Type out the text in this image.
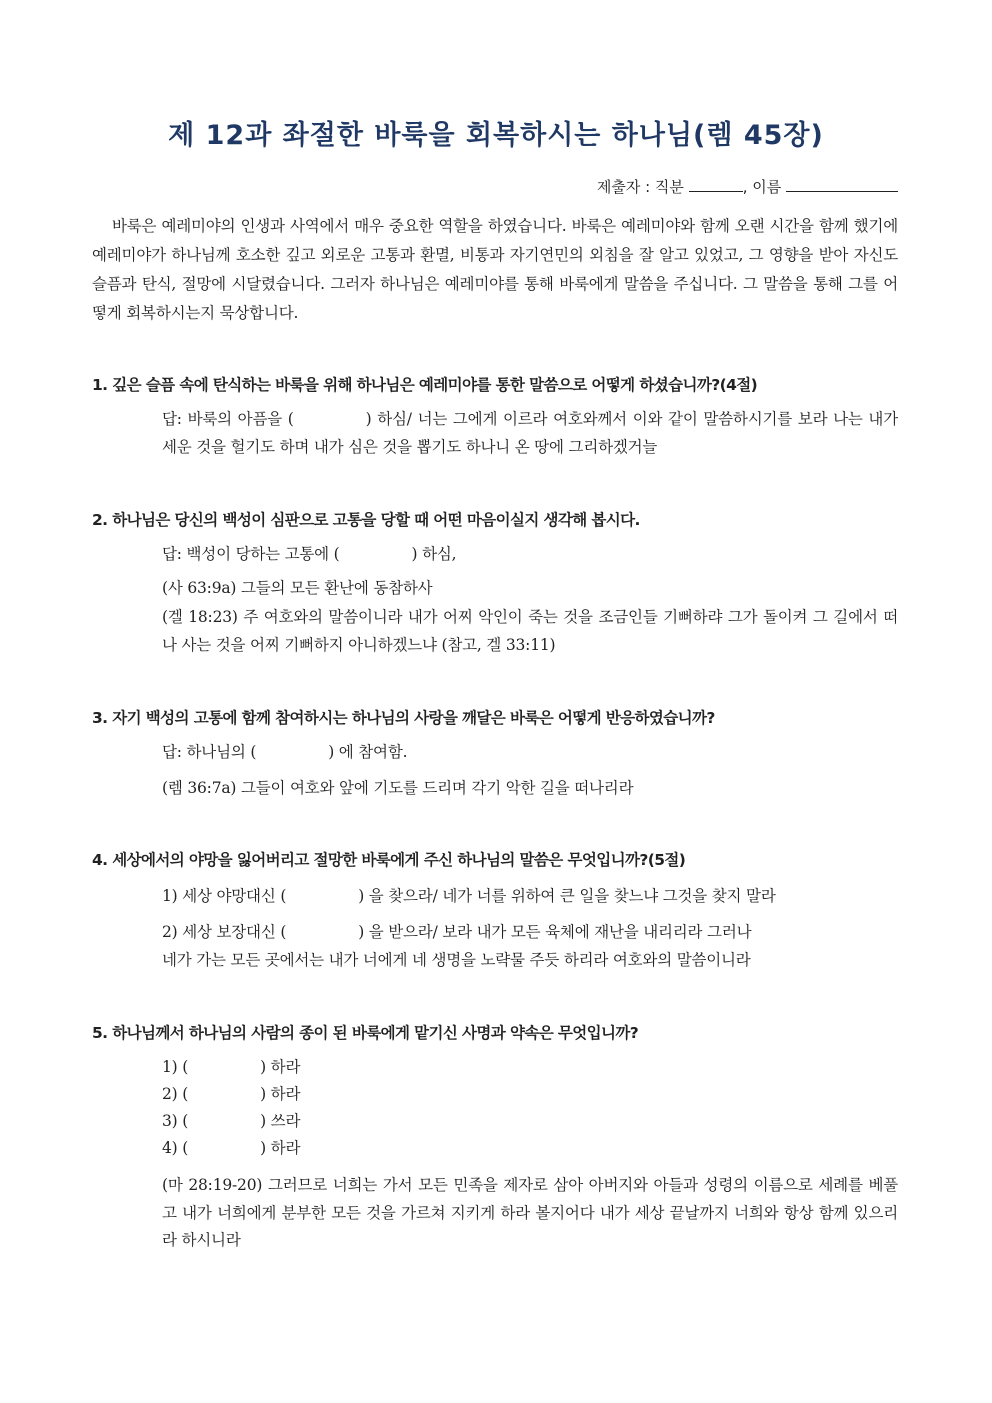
제 12과 좌절한 바룩을 회복하시는 하나님(렘 45장)
제출자 : 직분	, 이름
바룩은 예레미야의 인생과 사역에서 매우 중요한 역할을 하였습니다. 바룩은 예레미야와 함께 오랜 시간을 함께 했기에 예레미야가 하나님께 호소한 깊고 외로운 고통과 환멸, 비통과 자기연민의 외침을 잘 알고 있었고, 그 영향을 받아 자신도 슬픔과 탄식, 절망에 시달렸습니다. 그러자 하나님은 예레미야를 통해 바룩에게 말씀을 주십니다. 그 말씀을 통해 그를 어떻게 회복하시는지 묵상합니다.
1. 깊은 슬픔 속에 탄식하는 바룩을 위해 하나님은 예레미야를 통한 말씀으로 어떻게 하셨습니까?(4절)
답: 바룩의 아픔을 (	) 하심/ 너는 그에게 이르라 여호와께서 이와 같이 말씀하시기를 보라 나는 내가 세운 것을 헐기도 하며 내가 심은 것을 뽑기도 하나니 온 땅에 그리하겠거늘
2. 하나님은 당신의 백성이 심판으로 고통을 당할 때 어떤 마음이실지 생각해 봅시다.
답: 백성이 당하는 고통에 (	) 하심,
(사 63:9a) 그들의 모든 환난에 동참하사
(겔 18:23) 주 여호와의 말씀이니라 내가 어찌 악인이 죽는 것을 조금인들 기뻐하랴 그가 돌이켜 그 길에서 떠나 사는 것을 어찌 기뻐하지 아니하겠느냐 (참고, 겔 33:11)
3. 자기 백성의 고통에 함께 참여하시는 하나님의 사랑을 깨달은 바룩은 어떻게 반응하였습니까?
답: 하나님의 (	) 에 참여함.
(렘 36:7a) 그들이 여호와 앞에 기도를 드리며 각기 악한 길을 떠나리라
4. 세상에서의 야망을 잃어버리고 절망한 바룩에게 주신 하나님의 말씀은 무엇입니까?(5절)
1) 세상 야망대신 (	) 을 찾으라/ 네가 너를 위하여 큰 일을 찾느냐 그것을 찾지 말라
2) 세상 보장대신 (	) 을 받으라/ 보라 내가 모든 육체에 재난을 내리리라 그러나
네가 가는 모든 곳에서는 내가 너에게 네 생명을 노략물 주듯 하리라 여호와의 말씀이니라
5. 하나님께서 하나님의 사람의 종이 된 바룩에게 맡기신 사명과 약속은 무엇입니까?
1) (	) 하라
2) (	) 하라
3) (	) 쓰라
4) (	) 하라
(마 28:19-20) 그러므로 너희는 가서 모든 민족을 제자로 삼아 아버지와 아들과 성령의 이름으로 세례를 베풀고 내가 너희에게 분부한 모든 것을 가르쳐 지키게 하라 볼지어다 내가 세상 끝날까지 너희와 항상 함께 있으리라 하시니라
